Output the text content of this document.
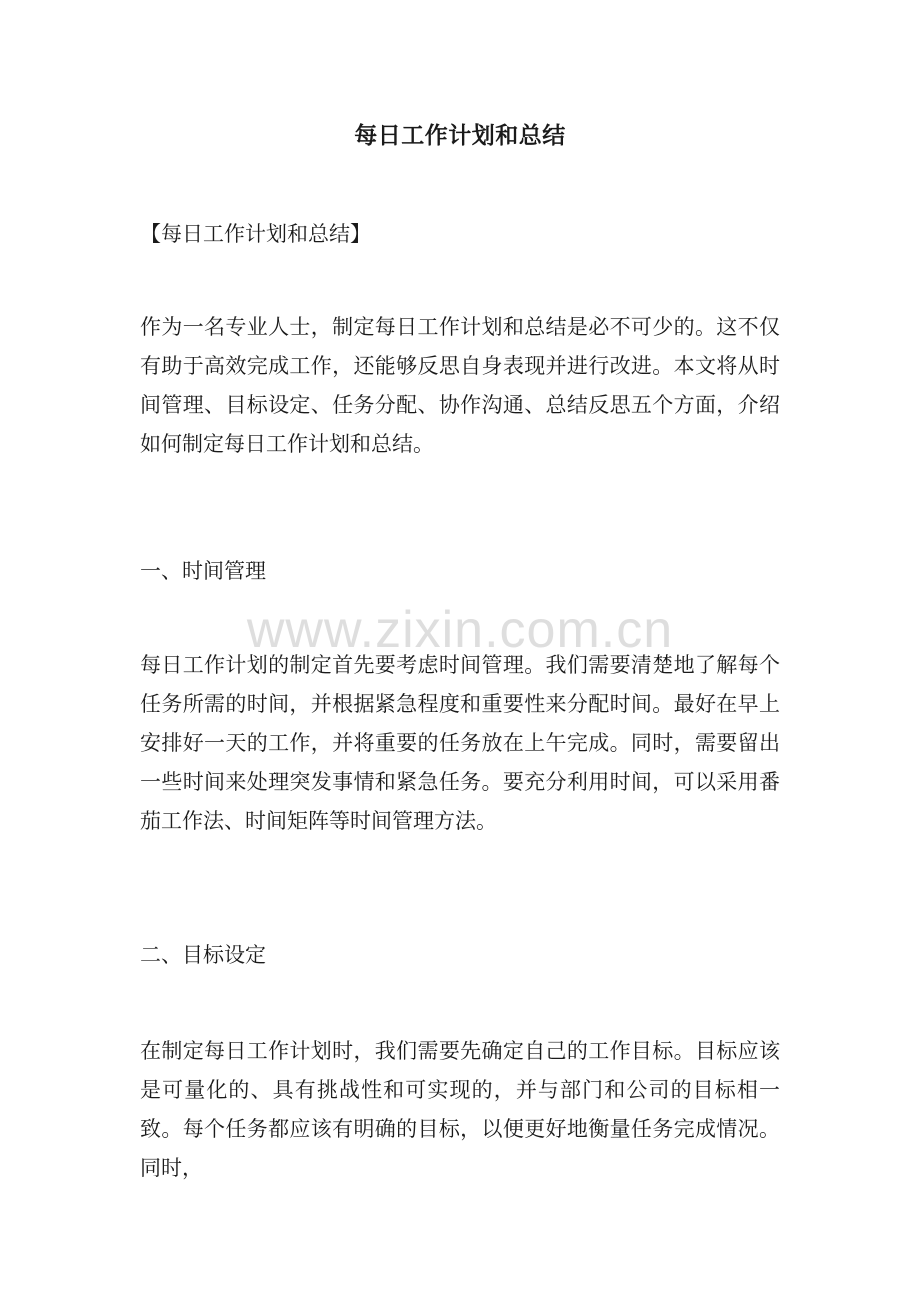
每日工作计划和总结
【每日工作计划和总结】

作为一名专业人士，制定每日工作计划和总结是必不可少的。这不仅有助于高效完成工作，还能够反思自身表现并进行改进。本文将从时间管理、目标设定、任务分配、协作沟通、总结反思五个方面，介绍如何制定每日工作计划和总结。

一、时间管理
www.zixin.com.cn

每日工作计划的制定首先要考虑时间管理。我们需要清楚地了解每个任务所需的时间，并根据紧急程度和重要性来分配时间。最好在早上安排好一天的工作，并将重要的任务放在上午完成。同时，需要留出一些时间来处理突发事情和紧急任务。要充分利用时间，可以采用番茄工作法、时间矩阵等时间管理方法。

二、目标设定

在制定每日工作计划时，我们需要先确定自己的工作目标。目标应该是可量化的、具有挑战性和可实现的，并与部门和公司的目标相一致。每个任务都应该有明确的目标，以便更好地衡量任务完成情况。同时，
